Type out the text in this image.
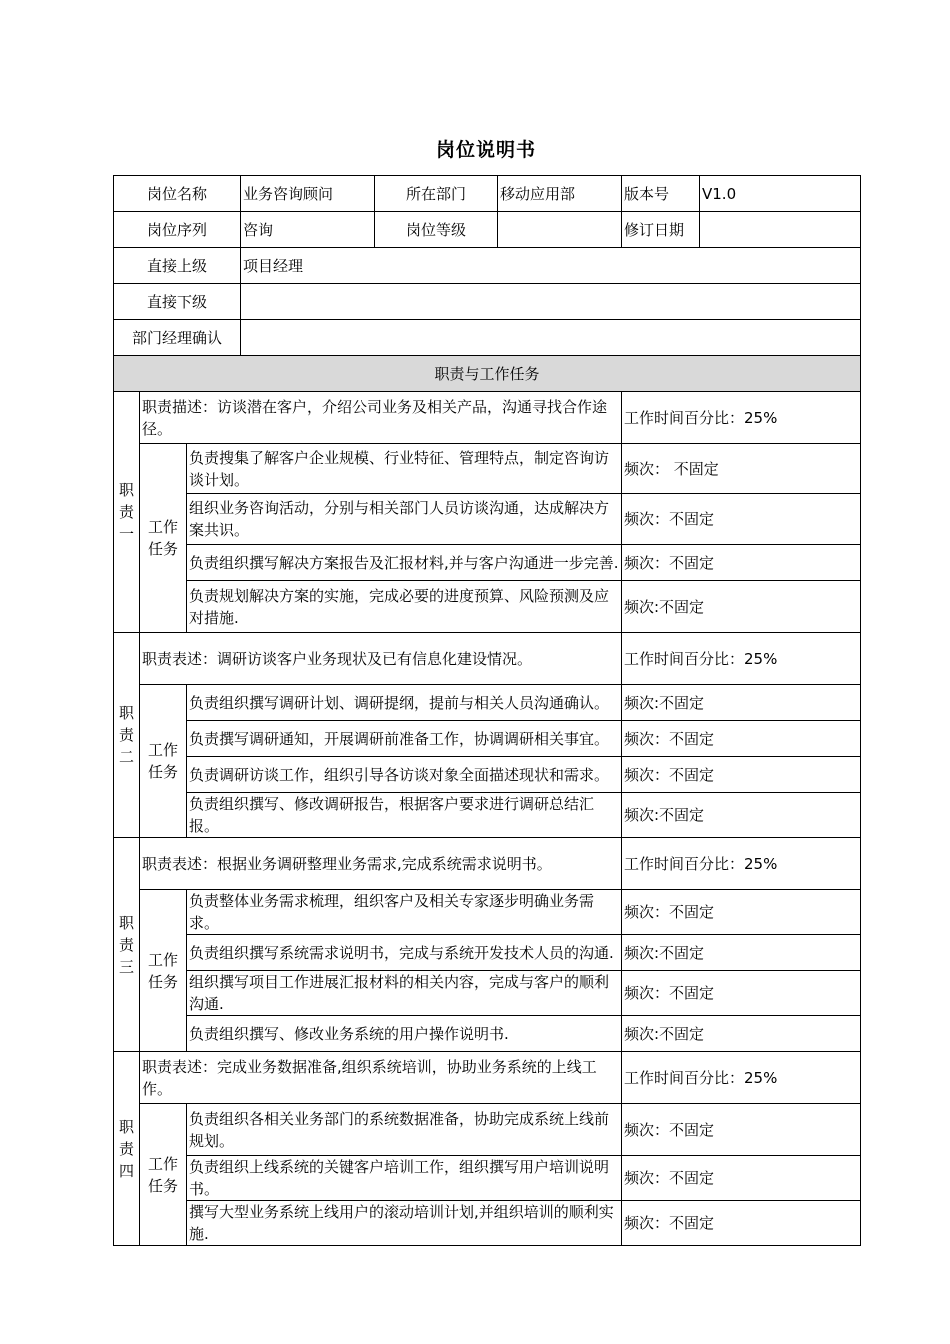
岗位说明书
岗位名称			业务咨询顾问	所在部门	移动应用部	版本号	V1.0
岗位序列			咨询	岗位等级		修订日期	
直接上级			项目经理				
直接下级							
部门经理确认							
职责与工作任务							

职
责
一	职责描述：访谈潜在客户，介绍公司业务及相关产品，沟通寻找合作途径。					工作时间百分比：25%	

	工作
任务	负责搜集了解客户企业规模、行业特征、管理特点，制定咨询访谈计划。				频次： 不固定	
		组织业务咨询活动，分别与相关部门人员访谈沟通，达成解决方案共识。				频次：不固定	
		负责组织撰写解决方案报告及汇报材料,并与客户沟通进一步完善.				频次：不固定	
		负责规划解决方案的实施，完成必要的进度预算、风险预测及应对措施.				频次:不固定	

职
责
二	职责表述：调研访谈客户业务现状及已有信息化建设情况。					工作时间百分比：25%	

	工作
任务	负责组织撰写调研计划、调研提纲，提前与相关人员沟通确认。				频次:不固定	
		负责撰写调研通知，开展调研前准备工作，协调调研相关事宜。				频次：不固定	
		负责调研访谈工作，组织引导各访谈对象全面描述现状和需求。				频次：不固定	
		负责组织撰写、修改调研报告，根据客户要求进行调研总结汇报。				频次:不固定	

职
责
三	职责表述：根据业务调研整理业务需求,完成系统需求说明书。					工作时间百分比：25%	

	工作
任务	负责整体业务需求梳理，组织客户及相关专家逐步明确业务需求。				频次：不固定	
		负责组织撰写系统需求说明书，完成与系统开发技术人员的沟通.				频次:不固定	
		组织撰写项目工作进展汇报材料的相关内容，完成与客户的顺利沟通.				频次：不固定	
		负责组织撰写、修改业务系统的用户操作说明书.				频次:不固定	

职
责
四	职责表述：完成业务数据准备,组织系统培训，协助业务系统的上线工作。					工作时间百分比：25%	

	工作
任务	负责组织各相关业务部门的系统数据准备，协助完成系统上线前规划。				频次：不固定	
		负责组织上线系统的关键客户培训工作，组织撰写用户培训说明书。				频次：不固定	
		撰写大型业务系统上线用户的滚动培训计划,并组织培训的顺利实施.				频次：不固定	
